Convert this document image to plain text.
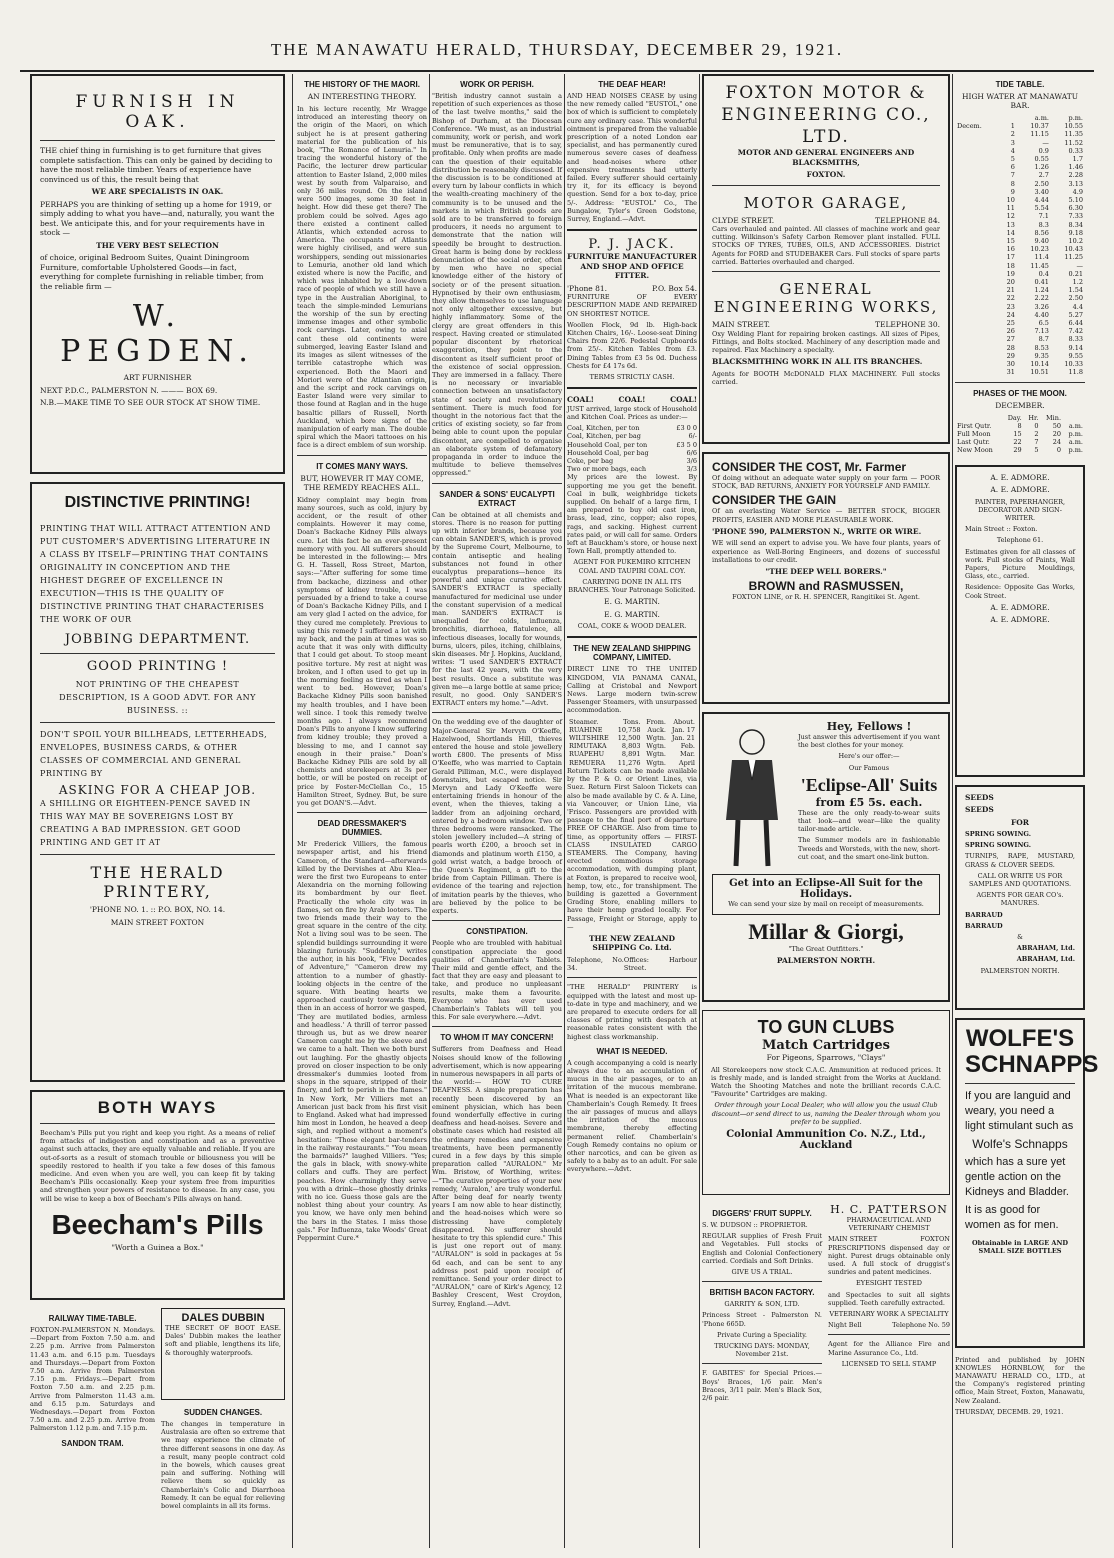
THE MANAWATU HERALD, THURSDAY, DECEMBER 29, 1921.
FURNISH IN OAK.

THE chief thing in furnishing is to get furniture that gives complete satisfaction. This can only be gained by deciding to have the most reliable timber. Years of experience have convinced us of this, the result being that

WE ARE SPECIALISTS IN OAK.

PERHAPS you are thinking of setting up a home for 1919, or simply adding to what you have—and, naturally, you want the best. We anticipate this, and for your requirements have in stock —

THE VERY BEST SELECTION

of choice, original Bedroom Suites, Quaint Diningroom Furniture, comfortable Upholstered Goods—in fact, everything for complete furnishing in reliable timber, from the reliable firm —

W. PEGDEN.

ART FURNISHER

NEXT P.D.C., PALMERSTON N. ——— BOX 69.

N.B.—MAKE TIME TO SEE OUR STOCK AT SHOW TIME.

DISTINCTIVE PRINTING!

PRINTING THAT WILL ATTRACT ATTENTION AND PUT CUSTOMER'S ADVERTISING LITERATURE IN A CLASS BY ITSELF—PRINTING THAT CONTAINS ORIGINALITY IN CONCEPTION AND THE HIGHEST DEGREE OF EXCELLENCE IN EXECUTION—THIS IS THE QUALITY OF DISTINCTIVE PRINTING THAT CHARACTERISES THE WORK OF OUR

JOBBING DEPARTMENT.
GOOD PRINTING !

NOT PRINTING OF THE CHEAPEST DESCRIPTION, IS A GOOD ADVT. FOR ANY BUSINESS. ::

DON'T SPOIL YOUR BILLHEADS, LETTERHEADS, ENVELOPES, BUSINESS CARDS, & OTHER CLASSES OF COMMERCIAL AND GENERAL PRINTING BY

ASKING FOR A CHEAP JOB.

A SHILLING OR EIGHTEEN-PENCE SAVED IN THIS WAY MAY BE SOVEREIGNS LOST BY CREATING A BAD IMPRESSION. GET GOOD PRINTING AND GET IT AT

THE HERALD PRINTERY,

'PHONE NO. 1. :: P.O. BOX, NO. 14.

MAIN STREET FOXTON

BOTH WAYS

Beecham's Pills put you right and keep you right. As a means of relief from attacks of indigestion and constipation and as a preventive against such attacks, they are equally valuable and reliable. If you are out-of-sorts as a result of stomach trouble or biliousness you will be speedily restored to health if you take a few doses of this famous medicine. And even when you are well, you can keep fit by taking Beecham's Pills occasionally. Keep your system free from impurities and strengthen your powers of resistance to disease. In any case, you will be wise to keep a box of Beecham's Pills always on hand.

Beecham's Pills

"Worth a Guinea a Box."

RAILWAY TIME-TABLE.

FOXTON-PALMERSTON N. Mondays.—Depart from Foxton 7.50 a.m. and 2.25 p.m. Arrive from Palmerston 11.43 a.m. and 6.15 p.m. Tuesdays and Thursdays.—Depart from Foxton 7.50 a.m. Arrive from Palmerston 7.15 p.m. Fridays.—Depart from Foxton 7.50 a.m. and 2.25 p.m. Arrive from Palmerston 11.43 a.m. and 6.15 p.m. Saturdays and Wednesdays.—Depart from Foxton 7.50 a.m. and 2.25 p.m. Arrive from Palmerston 1.12 p.m. and 7.15 p.m.

SANDON TRAM.
DALES DUBBIN

THE SECRET OF BOOT EASE. Dales' Dubbin makes the leather soft and pliable, lengthens its life, & thoroughly waterproofs.

SUDDEN CHANGES.

The changes in temperature in Australasia are often so extreme that we may experience the climate of three different seasons in one day. As a result, many people contract cold in the bowels, which causes great pain and suffering. Nothing will relieve them so quickly as Chamberlain's Colic and Diarrhoea Remedy. It can be equal for relieving bowel complaints in all its forms.

THE HISTORY OF THE MAORI.
AN INTERESTING THEORY.

In his lecture recently, Mr Wragge introduced an interesting theory on the origin of the Maori, on which subject he is at present gathering material for the publication of his book, "The Romance of Lemuria." In tracing the wonderful history of the Pacific, the lecturer drew particular attention to Easter Island, 2,000 miles west by south from Valparaiso, and only 36 miles round. On the island were 500 images, some 30 feet in height. How did these get there? The problem could be solved. Ages ago there existed a continent called Atlantis, which extended across to America. The occupants of Atlantis were highly civilised, and were sun worshippers, sending out missionaries to Lemuria, another old land which existed where is now the Pacific, and which was inhabited by a low-down race of people of which we still have a type in the Australian Aboriginal, to teach the simple-minded Lemurians the worship of the sun by erecting immense images and other symbolic rock carvings. Later, owing to axial cant these old continents were submerged, leaving Easter Island and its images as silent witnesses of the terrible catastrophe which was experienced. Both the Maori and Moriori were of the Atlantian origin, and the script and rock carvings on Easter Island were very similar to those found at Raglan and in the huge basaltic pillars of Russell, North Auckland, which bore signs of the manipulation of early man. The double spiral which the Maori tattooes on his face is a direct emblem of sun worship.

IT COMES MANY WAYS.
BUT, HOWEVER IT MAY COME, THE REMEDY REACHES ALL.

Kidney complaint may begin from many sources, such as cold, injury by accident, or the result of other complaints. However it may come, Doan's Backache Kidney Pills always cure. Let this fact be an ever-present memory with you. All sufferers should be interested in the following:— Mrs G. H. Tassell, Ross Street, Marton, says:—"After suffering for some time from backache, dizziness and other symptoms of kidney trouble, I was persuaded by a friend to take a course of Doan's Backache Kidney Pills, and I am very glad I acted on the advice, for they cured me completely. Previous to using this remedy I suffered a lot with my back, and the pain at times was so acute that it was only with difficulty that I could get about. To stoop meant positive torture. My rest at night was broken, and I often used to get up in the morning feeling as tired as when I went to bed. However, Doan's Backache Kidney Pills soon banished my health troubles, and I have been well since. I took this remedy twelve months ago. I always recommend Doan's Pills to anyone I know suffering from kidney trouble; they proved a blessing to me, and I cannot say enough in their praise." Doan's Backache Kidney Pills are sold by all chemists and storekeepers at 3s per bottle, or will be posted on receipt of price by Foster-McClellan Co., 15 Hamilton Street, Sydney. But, be sure you get DOAN'S.—Advt.

DEAD DRESSMAKER'S DUMMIES.

Mr Frederick Villiers, the famous newspaper artist, and his friend Cameron, of the Standard—afterwards killed by the Dervishes at Abu Klea—were the first two Europeans to enter Alexandria on the morning following its bombardment by our fleet. Practically the whole city was in flames, set on fire by Arab looters. The two friends made their way to the great square in the centre of the city. Not a living soul was to be seen. The splendid buildings surrounding it were blazing furiously. "Suddenly," writes the author, in his book, "Five Decades of Adventure," "Cameron drew my attention to a number of ghastly-looking objects in the centre of the square. With beating hearts we approached cautiously towards them, then in an access of horror we gasped, 'They are mutilated bodies, armless and headless.' A thrill of terror passed through us, but as we drew nearer Cameron caught me by the sleeve and we came to a halt. Then we both burst out laughing. For the ghastly objects proved on closer inspection to be only dressmaker's dummies looted from shops in the square, stripped of their finery, and left to perish in the flames." In New York, Mr Villiers met an American just back from his first visit to England. Asked what had impressed him most in London, he heaved a deep sigh, and replied without a moment's hesitation: "Those elegant bar-tenders in the railway restaurants." "You mean the barmaids?" laughed Villiers. "Yes; the gals in black, with snowy-white collars and cuffs. They are perfect peaches. How charmingly they serve you with a drink—those ghostly drinks with no ice. Guess those gals are the noblest thing about your country. As you know, we have only men behind the bars in the States. I miss those gals." For Influenza, take Woods' Great Peppermint Cure.*

WORK OR PERISH.

"British industry cannot sustain a repetition of such experiences as those of the last twelve months," said the Bishop of Durham, at the Diocesan Conference. "We must, as an industrial community, work or perish, and work must be remunerative, that is to say, profitable. Only when profits are made can the question of their equitable distribution be reasonably discussed. If the discussion is to be conditioned at every turn by labour conflicts in which the wealth-creating machinery of the community is to be unused and the markets in which British goods are sold are to be transferred to foreign producers, it needs no argument to demonstrate that the nation will speedily be brought to destruction. Great harm is being done by reckless denunciation of the social order, often by men who have no special knowledge either of the history of society or of the present situation. Hypnotised by their own enthusiasm, they allow themselves to use language not only altogether excessive, but highly inflammatory. Some of the clergy are great offenders in this respect. Having created or stimulated popular discontent by rhetorical exaggeration, they point to the discontent as itself sufficient proof of the existence of social oppression. They are immersed in a fallacy. There is no necessary or invariable connection between an unsatisfactory state of society and revolutionary sentiment. There is much food for thought in the notorious fact that the critics of existing society, so far from being able to count upon the popular discontent, are compelled to organise an elaborate system of defamatory propaganda in order to induce the multitude to believe themselves oppressed."

SANDER & SONS' EUCALYPTI EXTRACT

Can be obtained at all chemists and stores. There is no reason for putting up with inferior brands, because you can obtain SANDER'S, which is proved by the Supreme Court, Melbourne, to contain antiseptic and healing substances not found in other eucalyptus preparations—hence its powerful and unique curative effect. SANDER'S EXTRACT is specially manufactured for medicinal use under the constant supervision of a medical man. SANDER'S EXTRACT is unequalled for colds, influenza, bronchitis, diarrhoea, flatulence, all infectious diseases, locally for wounds, burns, ulcers, piles, itching, chilblains, skin diseases. Mr J. Hopkins, Auckland, writes: "I used SANDER'S EXTRACT for the last 42 years, with the very best results. Once a substitute was given me—a large bottle at same price; result, no good. Only SANDER'S EXTRACT enters my home."—Advt.

On the wedding eve of the daughter of Major-General Sir Mervyn O'Keeffe, Hazelwood, Shortlands Hill, thieves entered the house and stole jewellery worth £800. The presents of Miss O'Keeffe, who was married to Captain Gerald Pilliman, M.C., were displayed downstairs, but escaped notice. Sir Mervyn and Lady O'Keeffe were entertaining friends in honour of the event, when the thieves, taking a ladder from an adjoining orchard, entered by a bedroom window. Two or three bedrooms were ransacked. The stolen jewellery included—A string of pearls worth £200, a brooch set in diamonds and platinum worth £150, a gold wrist watch, a badge brooch of the Queen's Regiment, a gift to the bride from Captain Pilliman. There is evidence of the tearing and rejection of imitation pearls by the thieves, who are believed by the police to be experts.

CONSTIPATION.

People who are troubled with habitual constipation appreciate the good qualities of Chamberlain's Tablets. Their mild and gentle effect, and the fact that they are easy and pleasant to take, and produce no unpleasant results, make them a favourite. Everyone who has ever used Chamberlain's Tablets will tell you this. For sale everywhere.—Advt.

TO WHOM IT MAY CONCERN!

Sufferers from Deafness and Head Noises should know of the following advertisement, which is now appearing in numerous newspapers in all parts of the world:— HOW TO CURE DEAFNESS. A simple preparation has recently been discovered by an eminent physician, which has been found wonderfully effective in curing deafness and head-noises. Severe and obstinate cases which had resisted all the ordinary remedies and expensive treatments, have been permanently cured in a few days by this simple preparation called "AURALON." Mr Wm. Bristow, of Worthing, writes:—"The curative properties of your new remedy, 'Auralon,' are truly wonderful. After being deaf for nearly twenty years I am now able to hear distinctly, and the head-noises which were so distressing have completely disappeared. No sufferer should hesitate to try this splendid cure." This is just one report out of many. "AURALON" is sold in packages at 5s 6d each, and can be sent to any address post paid upon receipt of remittance. Send your order direct to "AURALON," care of Kirk's Agency, 12 Bashley Crescent, West Croydon, Surrey, England.—Advt.

THE DEAF HEAR!

AND HEAD NOISES CEASE by using the new remedy called "EUSTOL," one box of which is sufficient to completely cure any ordinary case. This wonderful ointment is prepared from the valuable prescription of a noted London ear specialist, and has permanently cured numerous severe cases of deafness and head-noises where other expensive treatments had utterly failed. Every sufferer should certainly try it, for its efficacy is beyond question. Send for a box to-day, price 5/-. Address: "EUSTOL" Co., The Bungalow, Tyler's Green Godstone, Surrey, England.—Advt.

P. J. JACK.

FURNITURE MANUFACTURER AND SHOP AND OFFICE FITTER.

'Phone 81.	P.O. Box 54.

FURNITURE OF EVERY DESCRIPTION MADE AND REPAIRED ON SHORTEST NOTICE.

Woollen Flock, 9d lb. High-back Kitchen Chairs, 16/-. Loose-seat Dining Chairs from 22/6. Pedestal Cupboards from 25/-. Kitchen Tables from £3. Dining Tables from £3 5s 0d. Duchess Chests for £4 17s 6d.

TERMS STRICTLY CASH.

COAL!	COAL!	COAL!

JUST arrived, large stock of Household and Kitchen Coal. Prices as under:—

Coal, Kitchen, per ton	£3 0 0
Coal, Kitchen, per bag	6/-
Household Coal, per ton	£3 5 0
Household Coal, per bag	6/6
Coke, per bag	3/6
Two or more bags, each	3/3

My prices are the lowest. By supporting me you get the benefit. Coal in bulk, weighbridge tickets supplied. On behalf of a large firm, I am prepared to buy old cast iron, brass, lead, zinc, copper; also ropes, rags, and sacking. Highest current rates paid, or will call for same. Orders left at Bauckham's store, or house next Town Hall, promptly attended to.

AGENT FOR PUKEMIRO KITCHEN COAL AND TAUPIRI COAL COY.

CARRYING DONE IN ALL ITS BRANCHES. Your Patronage Solicited.

E. G. MARTIN.

E. G. MARTIN.

COAL, COKE & WOOD DEALER.

THE NEW ZEALAND SHIPPING COMPANY, LIMITED.

DIRECT LINE TO THE UNITED KINGDOM, VIA PANAMA CANAL, Calling at Cristobal and Newport News. Large modern twin-screw Passenger Steamers, with unsurpassed accommodation.

Steamer.	Tons.	From.	About.
RUAHINE	10,758	Auck.	Jan. 17
WILTSHIRE	12,500	Wgtn.	Jan. 21
RIMUTAKA	8,803	Wgtn.	Feb.
RUAPEHU	8,891	Wgtn.	Mar.
REMUERA	11,276	Wgtn.	April

Return Tickets can be made available by the P. & O. or Orient Lines, via Suez. Return First Saloon Tickets can also be made available by C. & A. Line, via Vancouver, or Union Line, via 'Frisco. Passengers are provided with passage to the final port of departure FREE OF CHARGE. Also from time to time, as opportunity offers — FIRST-CLASS INSULATED CARGO STEAMERS. The Company, having erected commodious storage accommodation, with dumping plant, at Foxton, is prepared to receive wool, hemp, tow, etc., for transhipment. The building is gazetted a Government Grading Store, enabling millers to have their hemp graded locally. For Passage, Freight or Storage, apply to —

THE NEW ZEALAND SHIPPING Co. Ltd.

Telephone, No. 34.
Offices: Harbour Street.

"THE HERALD" PRINTERY is equipped with the latest and most up-to-date in type and machinery, and we are prepared to execute orders for all classes of printing with despatch at reasonable rates consistent with the highest class workmanship.

WHAT IS NEEDED.

A cough accompanying a cold is nearly always due to an accumulation of mucus in the air passages, or to an irritation of the mucous membrane. What is needed is an expectorant like Chamberlain's Cough Remedy. It frees the air passages of mucus and allays the irritation of the mucous membrane, thereby effecting permanent relief. Chamberlain's Cough Remedy contains no opium or other narcotics, and can be given as safely to a baby as to an adult. For sale everywhere.—Advt.

FOXTON MOTOR & ENGINEERING CO., LTD.

MOTOR AND GENERAL ENGINEERS AND BLACKSMITHS,

FOXTON.

MOTOR GARAGE,
CLYDE STREET.	TELEPHONE 84.

Cars overhauled and painted. All classes of machine work and gear cutting. Wilkinson's Safety Carbon Remover plant installed. FULL STOCKS OF TYRES, TUBES, OILS, AND ACCESSORIES. District Agents for FORD and STUDEBAKER Cars. Full stocks of spare parts carried. Batteries overhauled and charged.

GENERAL ENGINEERING WORKS,
MAIN STREET.	TELEPHONE 30.

Oxy Welding Plant for repairing broken castings. All sizes of Pipes, Fittings, and Bolts stocked. Machinery of any description made and repaired. Flax Machinery a specialty.

BLACKSMITHING WORK IN ALL ITS BRANCHES.

Agents for BOOTH McDONALD FLAX MACHINERY. Full stocks carried.

CONSIDER THE COST, Mr. Farmer

Of doing without an adequate water supply on your farm — POOR STOCK, BAD RETURNS, ANXIETY FOR YOURSELF AND FAMILY.

CONSIDER THE GAIN

Of an everlasting Water Service — BETTER STOCK, BIGGER PROFITS, EASIER AND MORE PLEASURABLE WORK.

'PHONE 590, PALMERSTON N., WRITE OR WIRE.

WE will send an expert to advise you. We have four plants, years of experience as Well-Boring Engineers, and dozens of successful installations to our credit.

"THE DEEP WELL BORERS."

BROWN and RASMUSSEN,

FOXTON LINE, or R. H. SPENCER, Rangitikei St. Agent.

Hey, Fellows !

Just answer this advertisement if you want the best clothes for your money.

Here's our offer:—

Our Famous

'Eclipse-All' Suits
from £5 5s. each.

These are the only ready-to-wear suits that look—and wear—like the quality tailor-made article.

The Summer models are in fashionable Tweeds and Worsteds, with the new, short-cut coat, and the smart one-link button.

Get into an Eclipse-All Suit for the Holidays.

We can send your size by mail on receipt of measurements.

Millar & Giorgi,

"The Great Outfitters."

PALMERSTON NORTH.

TO GUN CLUBS
Match Cartridges

For Pigeons, Sparrows, "Clays"

All Storekeepers now stock C.A.C. Ammunition at reduced prices. It is freshly made, and is landed straight from the Works at Auckland. Watch the Shooting Matches and note the brilliant records C.A.C. "Favourite" Cartridges are making.

Order through your Local Dealer, who will allow you the usual Club discount—or send direct to us, naming the Dealer through whom you prefer to be supplied.

Colonial Ammunition Co. N.Z., Ltd., Auckland
DIGGERS' FRUIT SUPPLY.

S. W. DUDSON :: PROPRIETOR.

REGULAR supplies of Fresh Fruit and Vegetables. Full stocks of English and Colonial Confectionery carried. Cordials and Soft Drinks.

GIVE US A TRIAL.

BRITISH BACON FACTORY.

GARRITY & SON, LTD.

Princess Street - Palmerston N. 'Phone 665D.

Private Curing a Speciality.

TRUCKING DAYS: MONDAY, November 21st.

F. GABITES' for Special Prices.— Boys' Braces, 1/6 pair. Men's Braces, 3/11 pair. Men's Black Sox, 2/6 pair.

H. C. PATTERSON

PHARMACEUTICAL AND VETERINARY CHEMIST

MAIN STREET	FOXTON

PRESCRIPTIONS dispensed day or night. Purest drugs obtainable only used. A full stock of druggist's sundries and patent medicines.

EYESIGHT TESTED

and Spectacles to suit all sights supplied. Teeth carefully extracted.

VETERINARY WORK A SPECIALITY

Night Bell	Telephone No. 59

Agent for the Alliance Fire and Marine Assurance Co., Ltd.

LICENSED TO SELL STAMP

TIDE TABLE.
HIGH WATER AT MANAWATU BAR.
		a.m.	p.m.
Decem.	1	10.37	10.55
	2	11.15	11.35
	3	—	11.52
	4	0.9	0.33
	5	0.55	1.7
	6	1.26	1.46
	7	2.7	2.28
	8	2.50	3.13
	9	3.40	4.9
	10	4.44	5.10
	11	5.54	6.30
	12	7.1	7.33
	13	8.3	8.34
	14	8.56	9.18
	15	9.40	10.2
	16	10.23	10.43
	17	11.4	11.25
	18	11.45	—
	19	0.4	0.21
	20	0.41	1.2
	21	1.24	1.54
	22	2.22	2.50
	23	3.26	4.4
	24	4.40	5.27
	25	6.5	6.44
	26	7.13	7.42
	27	8.7	8.33
	28	8.53	9.14
	29	9.35	9.55
	30	10.14	10.33
	31	10.51	11.8
PHASES OF THE MOON.
DECEMBER.
	Day.	Hr.	Min.	
First Qutr.	8	0	50	a.m.
Full Moon	15	2	20	p.m.
Last Qutr.	22	7	24	a.m.
New Moon	29	5	0	p.m.

A. E. ADMORE.

A. E. ADMORE.

PAINTER, PAPERHANGER, DECORATOR AND SIGN-WRITER.

Main Street :: Foxton.

Telephone 61.

Estimates given for all classes of work. Full stocks of Paints, Wall Papers, Picture Mouldings, Glass, etc., carried.

Residence: Opposite Gas Works, Cook Street.

A. E. ADMORE.

A. E. ADMORE.

SEEDS

SEEDS

FOR

SPRING SOWING.

SPRING SOWING.

TURNIPS, RAPE, MUSTARD, GRASS & CLOVER SEEDS.

CALL OR WRITE US FOR SAMPLES AND QUOTATIONS.

AGENTS FOR GEAR CO's. MANURES.

BARRAUD

BARRAUD

&

ABRAHAM, Ltd.

ABRAHAM, Ltd.

PALMERSTON NORTH.

WOLFE'S
SCHNAPPS

If you are languid and weary, you need a light stimulant such as

Wolfe's Schnapps

which has a sure yet gentle action on the Kidneys and Bladder.

It is as good for women as for men.

Obtainable in LARGE AND SMALL SIZE BOTTLES

Printed and published by JOHN KNOWLES HORNBLOW, for the MANAWATU HERALD CO., LTD., at the Company's registered printing office, Main Street, Foxton, Manawatu, New Zealand.

THURSDAY, DECEMB. 29, 1921.
